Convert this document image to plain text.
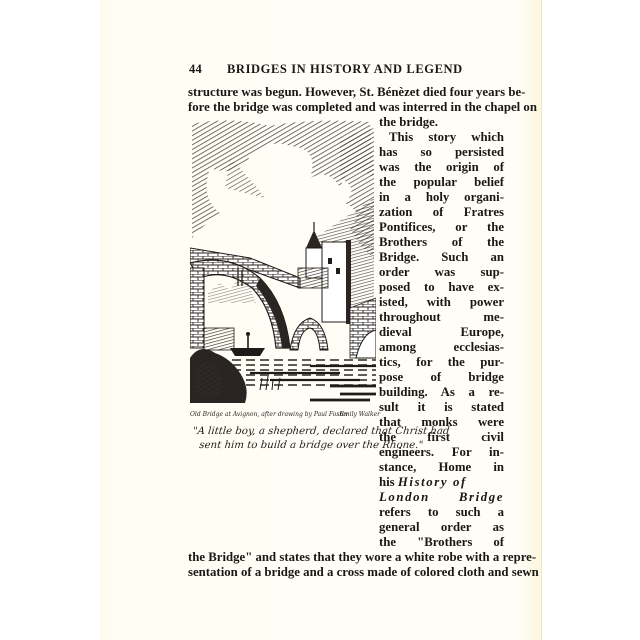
44 BRIDGES IN HISTORY AND LEGEND
structure was begun. However, St. Bénèzet died four years be-
fore the bridge was completed and was interred in the chapel on
Old Bridge at Avignon, after drawing by Paul Foster
Emily Walker
"A little boy, a shepherd, declared that Christ had
sent him to build a bridge over the Rhone."
the bridge.
This story which
has so persisted
was the origin of
the popular belief
in a holy organi-
zation of Fratres
Pontifices, or the
Brothers of the
Bridge. Such an
order was sup-
posed to have ex-
isted, with power
throughout me-
dieval Europe,
among ecclesias-
tics, for the pur-
pose of bridge
building. As a re-
sult it is stated
that monks were
the first civil
engineers. For in-
stance, Home in
his History of
London Bridge
refers to such a
general order as
the "Brothers of
the Bridge" and states that they wore a white robe with a repre-
sentation of a bridge and a cross made of colored cloth and sewn
